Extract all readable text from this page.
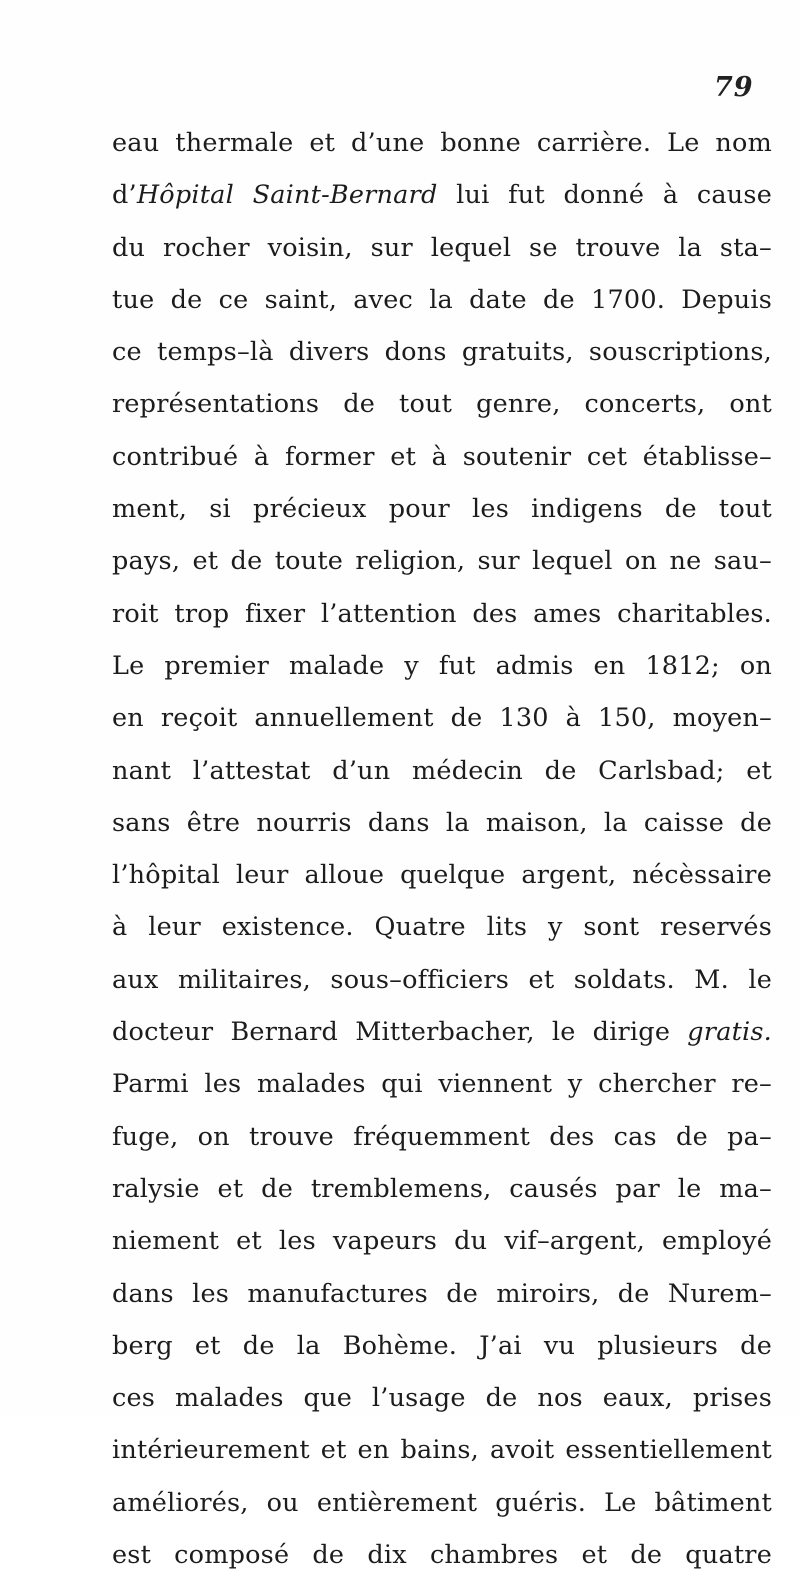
79
eau thermale et d’une bonne carrière. Le nom
d’Hôpital Saint-Bernard lui fut donné à cause
du rocher voisin, sur lequel se trouve la sta–
tue de ce saint, avec la date de 1700. Depuis
ce temps–là divers dons gratuits, souscriptions,
représentations de tout genre, concerts, ont
contribué à former et à soutenir cet établisse–
ment, si précieux pour les indigens de tout
pays, et de toute religion, sur lequel on ne sau–
roit trop fixer l’attention des ames charitables.
Le premier malade y fut admis en 1812; on
en reçoit annuellement de 130 à 150, moyen–
nant l’attestat d’un médecin de Carlsbad; et
sans être nourris dans la maison, la caisse de
l’hôpital leur alloue quelque argent, nécèssaire
à leur existence. Quatre lits y sont reservés
aux militaires, sous–officiers et soldats. M. le
docteur Bernard Mitterbacher, le dirige gratis.
Parmi les malades qui viennent y chercher re–
fuge, on trouve fréquemment des cas de pa–
ralysie et de tremblemens, causés par le ma–
niement et les vapeurs du vif–argent, employé
dans les manufactures de miroirs, de Nurem–
berg et de la Bohème. J’ai vu plusieurs de
ces malades que l’usage de nos eaux, prises
intérieurement et en bains, avoit essentiellement
améliorés, ou entièrement guéris. Le bâtiment
est composé de dix chambres et de quatre
